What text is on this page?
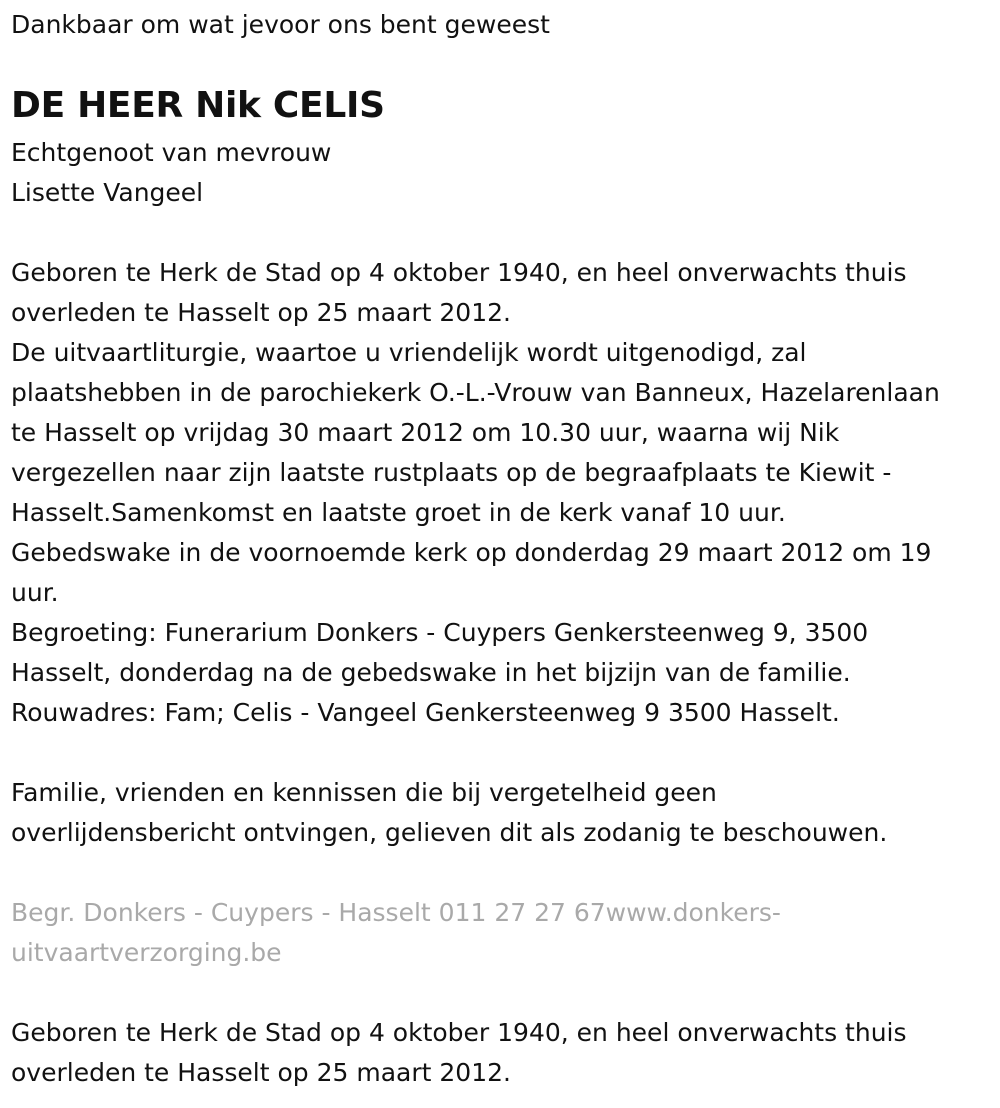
Dankbaar om wat jevoor ons bent geweest

DE HEER Nik CELIS

Echtgenoot van mevrouw

Lisette Vangeel

Geboren te Herk de Stad op 4 oktober 1940, en heel onverwachts thuis

overleden te Hasselt op 25 maart 2012.

De uitvaartliturgie, waartoe u vriendelijk wordt uitgenodigd, zal

plaatshebben in de parochiekerk O.-L.-Vrouw van Banneux, Hazelarenlaan

te Hasselt op vrijdag 30 maart 2012 om 10.30 uur, waarna wij Nik

vergezellen naar zijn laatste rustplaats op de begraafplaats te Kiewit -

Hasselt.Samenkomst en laatste groet in de kerk vanaf 10 uur.

Gebedswake in de voornoemde kerk op donderdag 29 maart 2012 om 19

uur.

Begroeting: Funerarium Donkers - Cuypers Genkersteenweg 9, 3500

Hasselt, donderdag na de gebedswake in het bijzijn van de familie.

Rouwadres: Fam; Celis - Vangeel Genkersteenweg 9 3500 Hasselt.

Familie, vrienden en kennissen die bij vergetelheid geen

overlijdensbericht ontvingen, gelieven dit als zodanig te beschouwen.

Begr. Donkers - Cuypers - Hasselt 011 27 27 67www.donkers-

uitvaartverzorging.be

Geboren te Herk de Stad op 4 oktober 1940, en heel onverwachts thuis

overleden te Hasselt op 25 maart 2012.
